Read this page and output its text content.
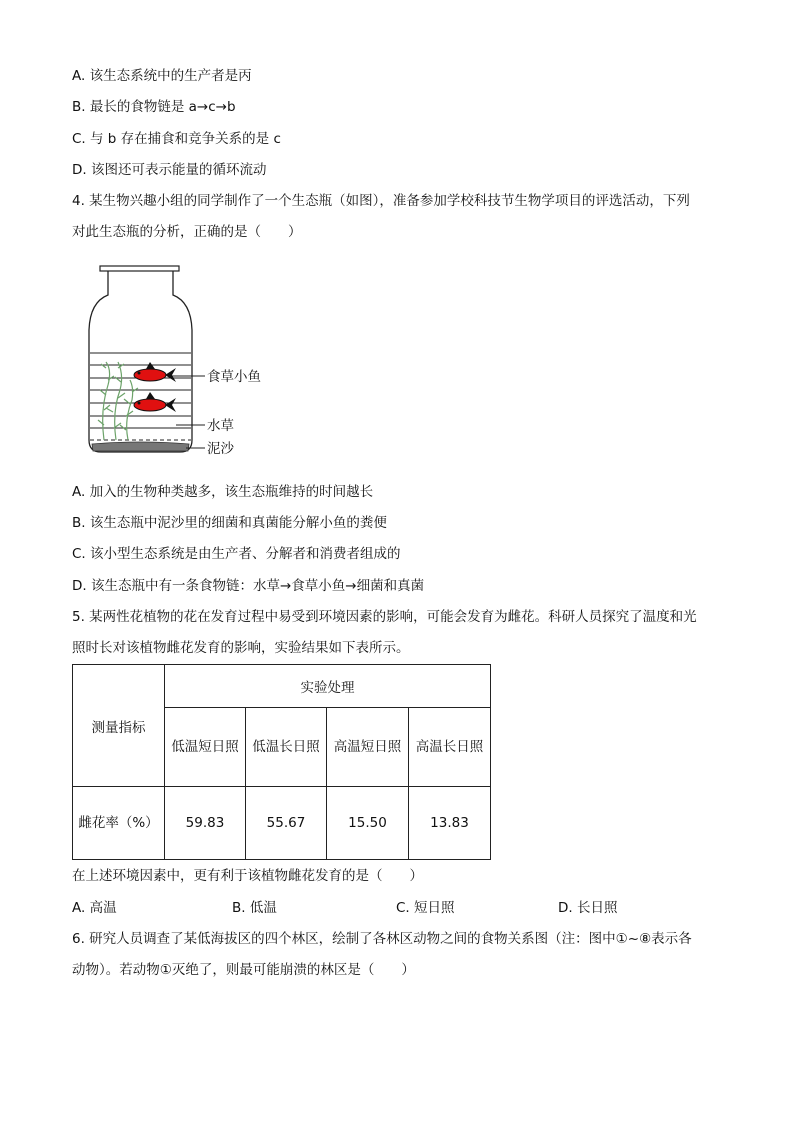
A. 该生态系统中的生产者是丙
B. 最长的食物链是 a→c→b
C. 与 b 存在捕食和竞争关系的是 c
D. 该图还可表示能量的循环流动
4. 某生物兴趣小组的同学制作了一个生态瓶（如图），准备参加学校科技节生物学项目的评选活动，下列
对此生态瓶的分析，正确的是（　　）
食草小鱼
水草
泥沙
A. 加入的生物种类越多，该生态瓶维持的时间越长
B. 该生态瓶中泥沙里的细菌和真菌能分解小鱼的粪便
C. 该小型生态系统是由生产者、分解者和消费者组成的
D. 该生态瓶中有一条食物链：水草→食草小鱼→细菌和真菌
5. 某两性花植物的花在发育过程中易受到环境因素的影响，可能会发育为雌花。科研人员探究了温度和光
照时长对该植物雌花发育的影响，实验结果如下表所示。
测量指标	实验处理			
	低温短日照	低温长日照	高温短日照	高温长日照
雌花率（%）	59.83	55.67	15.50	13.83
在上述环境因素中，更有利于该植物雌花发育的是（　　）
A. 高温	B. 低温	C. 短日照	D. 长日照
6. 研究人员调查了某低海拔区的四个林区，绘制了各林区动物之间的食物关系图（注：图中①~⑧表示各
动物）。若动物①灭绝了，则最可能崩溃的林区是（　　）
